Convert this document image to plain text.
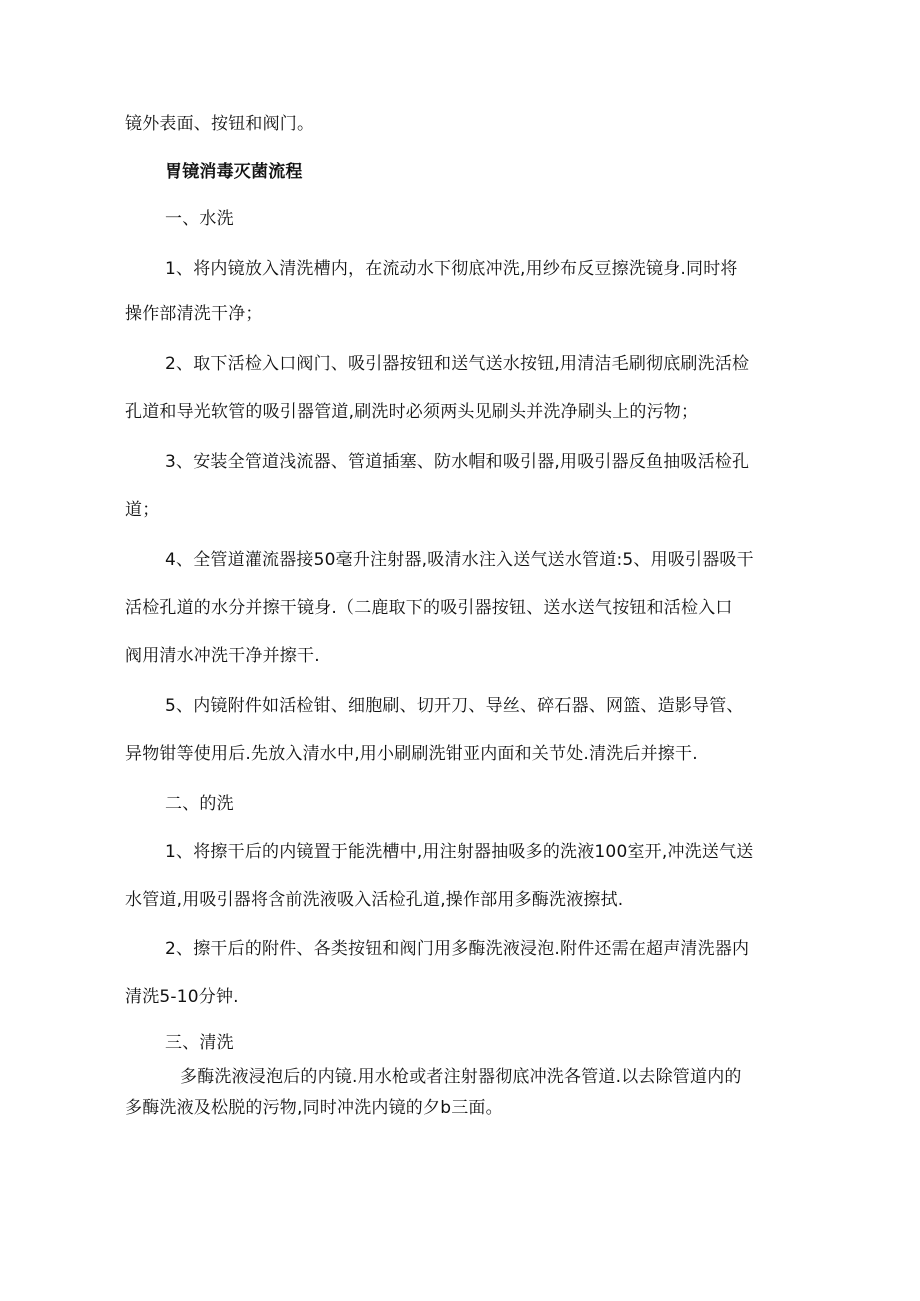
镜外表面、按钮和阀门。
胃镜消毒灭菌流程
一、水洗
1、将内镜放入清洗槽内，在流动水下彻底冲洗,用纱布反豆擦洗镜身.同时将
操作部清洗干净；
2、取下活检入口阀门、吸引器按钮和送气送水按钮,用清洁毛刷彻底刷洗活检
孔道和导光软管的吸引器管道,刷洗时必须两头见刷头并洗净刷头上的污物；
3、安装全管道浅流器、管道插塞、防水帽和吸引器,用吸引器反鱼抽吸活检孔
道；
4、全管道灌流器接50毫升注射器,吸清水注入送气送水管道:5、用吸引器吸干
活检孔道的水分并擦干镜身.（二鹿取下的吸引器按钮、送水送气按钮和活检入口
阀用清水冲洗干净并擦干.
5、内镜附件如活检钳、细胞刷、切开刀、导丝、碎石器、网篮、造影导管、
异物钳等使用后.先放入清水中,用小刷刷洗钳亚内面和关节处.清洗后并擦干.
二、的洗
1、将擦干后的内镜置于能洗槽中,用注射器抽吸多的洗液100室开,冲洗送气送
水管道,用吸引器将含前洗液吸入活检孔道,操作部用多酶洗液擦拭.
2、擦干后的附件、各类按钮和阀门用多酶洗液浸泡.附件还需在超声清洗器内
清洗5-10分钟.
三、清洗
多酶洗液浸泡后的内镜.用水枪或者注射器彻底冲洗各管道.以去除管道内的
多酶洗液及松脱的污物,同时冲洗内镜的夕b三面。
